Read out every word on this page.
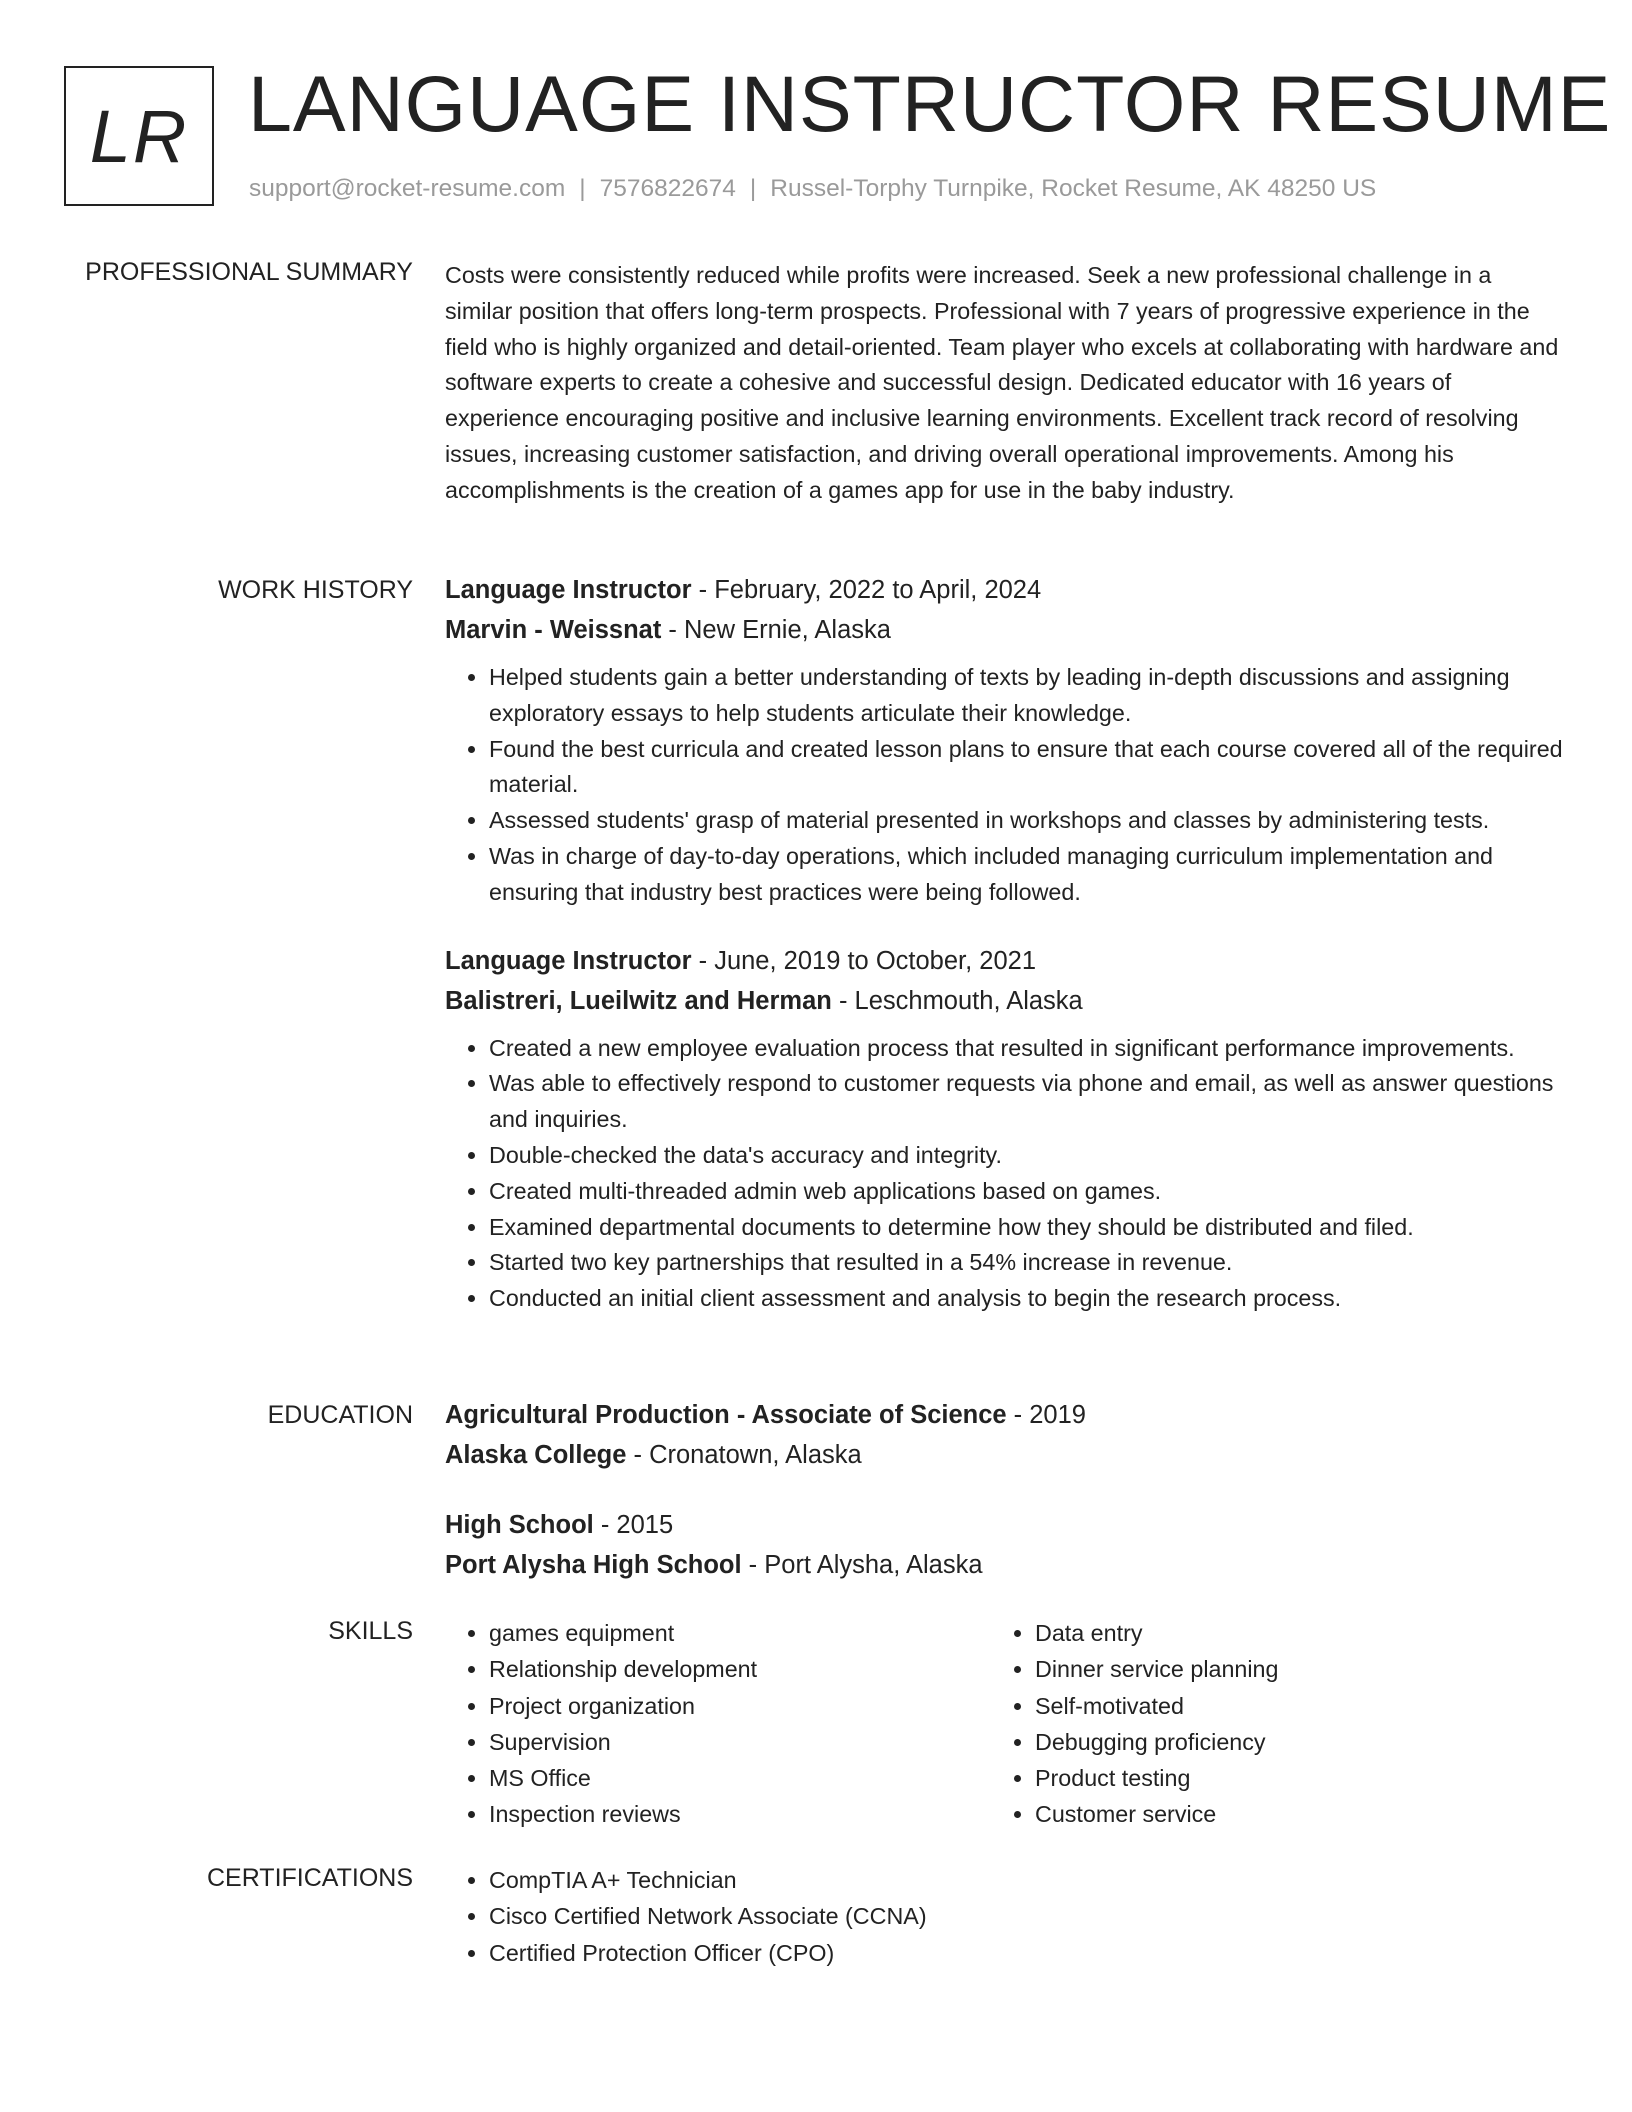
LR LANGUAGE INSTRUCTOR RESUME
support@rocket-resume.com | 7576822674 | Russel-Torphy Turnpike, Rocket Resume, AK 48250 US
PROFESSIONAL SUMMARY Costs were consistently reduced while profits were increased. Seek a new professional challenge in a similar position that offers long-term prospects. Professional with 7 years of progressive experience in the field who is highly organized and detail-oriented. Team player who excels at collaborating with hardware and software experts to create a cohesive and successful design. Dedicated educator with 16 years of experience encouraging positive and inclusive learning environments. Excellent track record of resolving issues, increasing customer satisfaction, and driving overall operational improvements. Among his accomplishments is the creation of a games app for use in the baby industry.

WORK HISTORY Language Instructor - February, 2022 to April, 2024
Marvin - Weissnat - New Ernie, Alaska
• Helped students gain a better understanding of texts by leading in-depth discussions and assigning exploratory essays to help students articulate their knowledge.
• Found the best curricula and created lesson plans to ensure that each course covered all of the required material.
• Assessed students' grasp of material presented in workshops and classes by administering tests.
• Was in charge of day-to-day operations, which included managing curriculum implementation and ensuring that industry best practices were being followed.
Language Instructor - June, 2019 to October, 2021
Balistreri, Lueilwitz and Herman - Leschmouth, Alaska
• Created a new employee evaluation process that resulted in significant performance improvements.
• Was able to effectively respond to customer requests via phone and email, as well as answer questions and inquiries.
• Double-checked the data's accuracy and integrity.
• Created multi-threaded admin web applications based on games.
• Examined departmental documents to determine how they should be distributed and filed.
• Started two key partnerships that resulted in a 54% increase in revenue.
• Conducted an initial client assessment and analysis to begin the research process.
EDUCATION Agricultural Production - Associate of Science - 2019
Alaska College - Cronatown, Alaska
High School - 2015
Port Alysha High School - Port Alysha, Alaska
SKILLS	• games equipment
• Relationship development
• Project organization
• Supervision
• MS Office
• Inspection reviews
• Data entry
• Dinner service planning
• Self-motivated
• Debugging proficiency
• Product testing
• Customer service
CERTIFICATIONS	• CompTIA A+ Technician
• Cisco Certified Network Associate (CCNA)
• Certified Protection Officer (CPO)
